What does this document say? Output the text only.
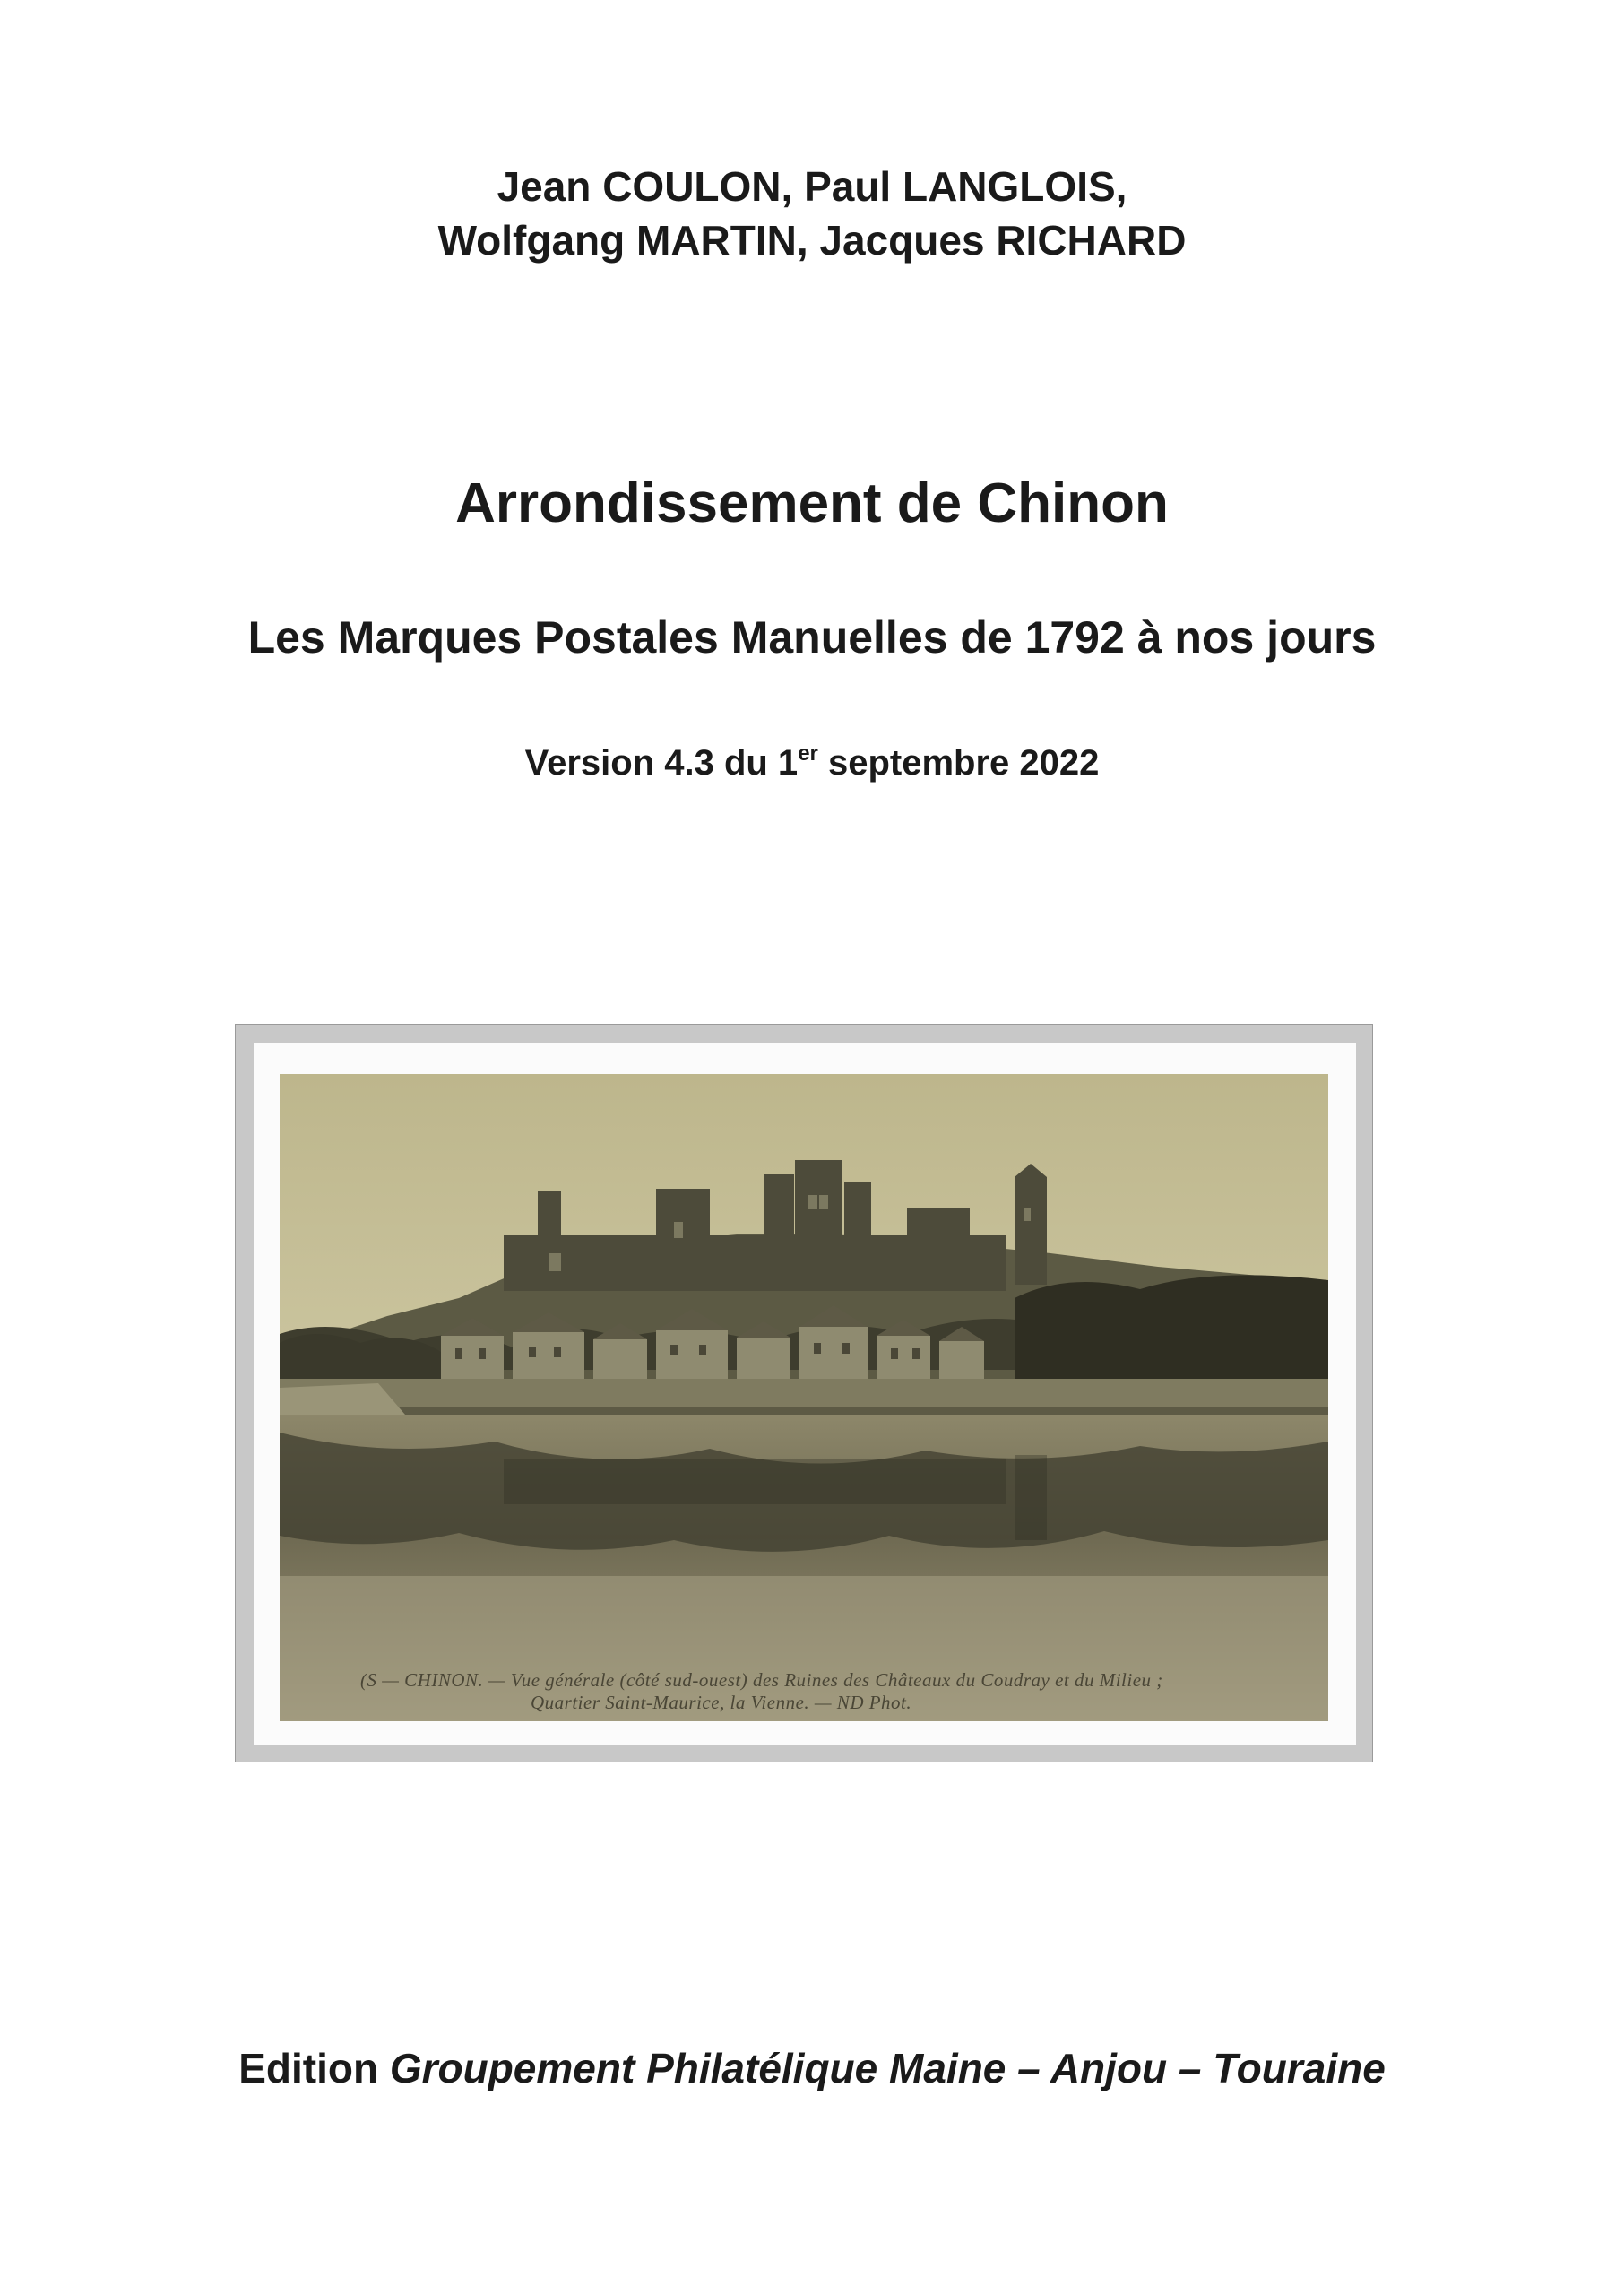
Jean COULON, Paul LANGLOIS,
Wolfgang MARTIN, Jacques RICHARD
Arrondissement de Chinon
Les Marques Postales Manuelles de 1792 à nos jours
Version 4.3 du 1er septembre 2022
(S — CHINON. — Vue générale (côté sud-ouest) des Ruines des Châteaux du Coudray et du Milieu ;
Quartier Saint-Maurice, la Vienne. — ND Phot.
Edition Groupement Philatélique Maine – Anjou – Touraine
